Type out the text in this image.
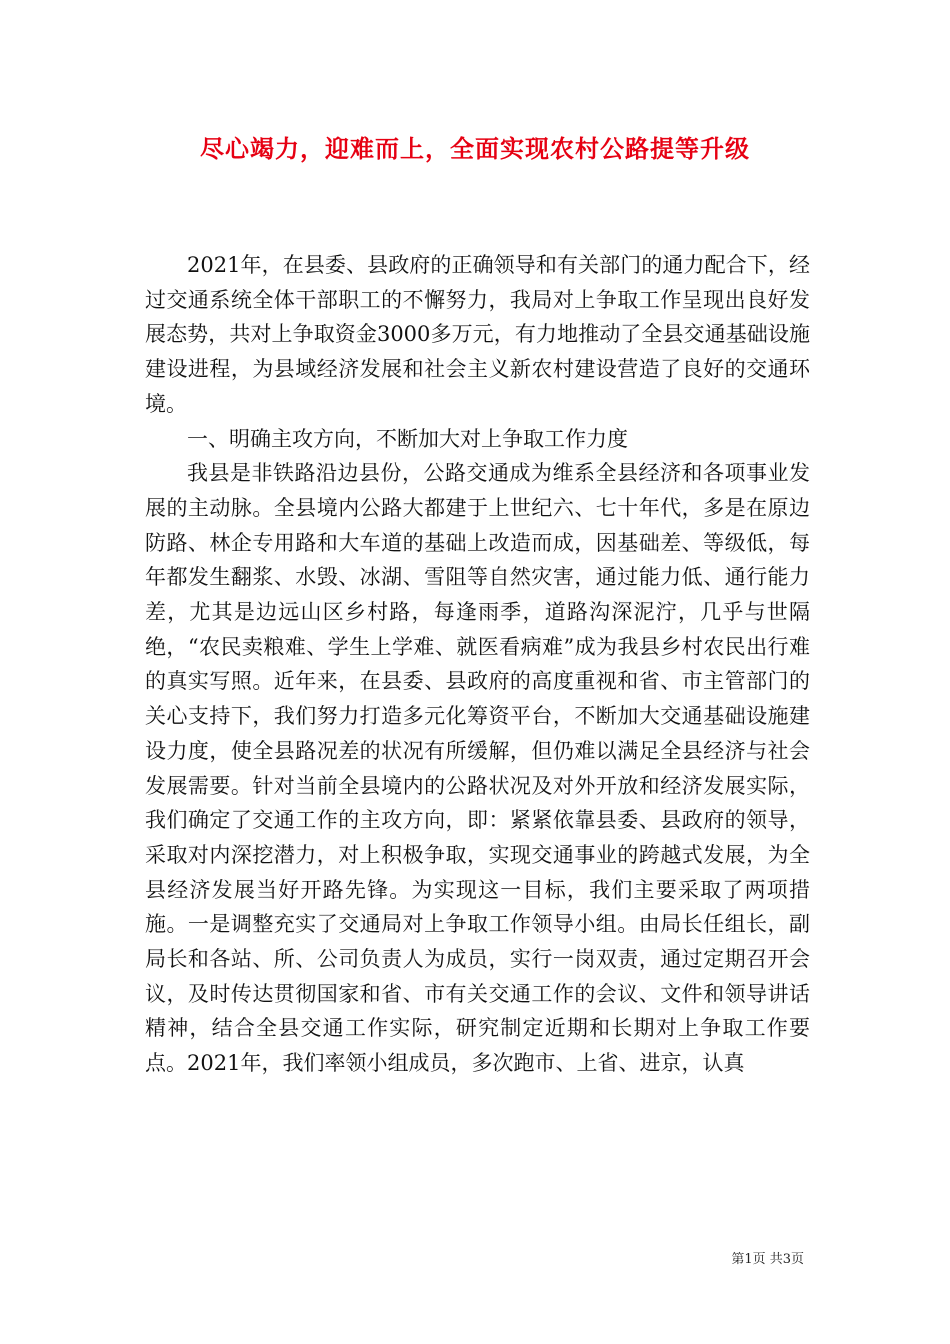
尽心竭力，迎难而上，全面实现农村公路提等升级

2021年，在县委、县政府的正确领导和有关部门的通力配合下，经过交通系统全体干部职工的不懈努力，我局对上争取工作呈现出良好发展态势，共对上争取资金3000多万元，有力地推动了全县交通基础设施建设进程，为县域经济发展和社会主义新农村建设营造了良好的交通环境。

一、明确主攻方向，不断加大对上争取工作力度

我县是非铁路沿边县份，公路交通成为维系全县经济和各项事业发展的主动脉。全县境内公路大都建于上世纪六、七十年代，多是在原边防路、林企专用路和大车道的基础上改造而成，因基础差、等级低，每年都发生翻浆、水毁、冰湖、雪阻等自然灾害，通过能力低、通行能力差，尤其是边远山区乡村路，每逢雨季，道路沟深泥泞，几乎与世隔绝，“农民卖粮难、学生上学难、就医看病难”成为我县乡村农民出行难的真实写照。近年来，在县委、县政府的高度重视和省、市主管部门的关心支持下，我们努力打造多元化筹资平台，不断加大交通基础设施建设力度，使全县路况差的状况有所缓解，但仍难以满足全县经济与社会发展需要。针对当前全县境内的公路状况及对外开放和经济发展实际，我们确定了交通工作的主攻方向，即：紧紧依靠县委、县政府的领导，采取对内深挖潜力，对上积极争取，实现交通事业的跨越式发展，为全县经济发展当好开路先锋。为实现这一目标，我们主要采取了两项措施。一是调整充实了交通局对上争取工作领导小组。由局长任组长，副局长和各站、所、公司负责人为成员，实行一岗双责，通过定期召开会议，及时传达贯彻国家和省、市有关交通工作的会议、文件和领导讲话精神，结合全县交通工作实际，研究制定近期和长期对上争取工作要点。2021年，我们率领小组成员，多次跑市、上省、进京，认真

第1页 共3页
